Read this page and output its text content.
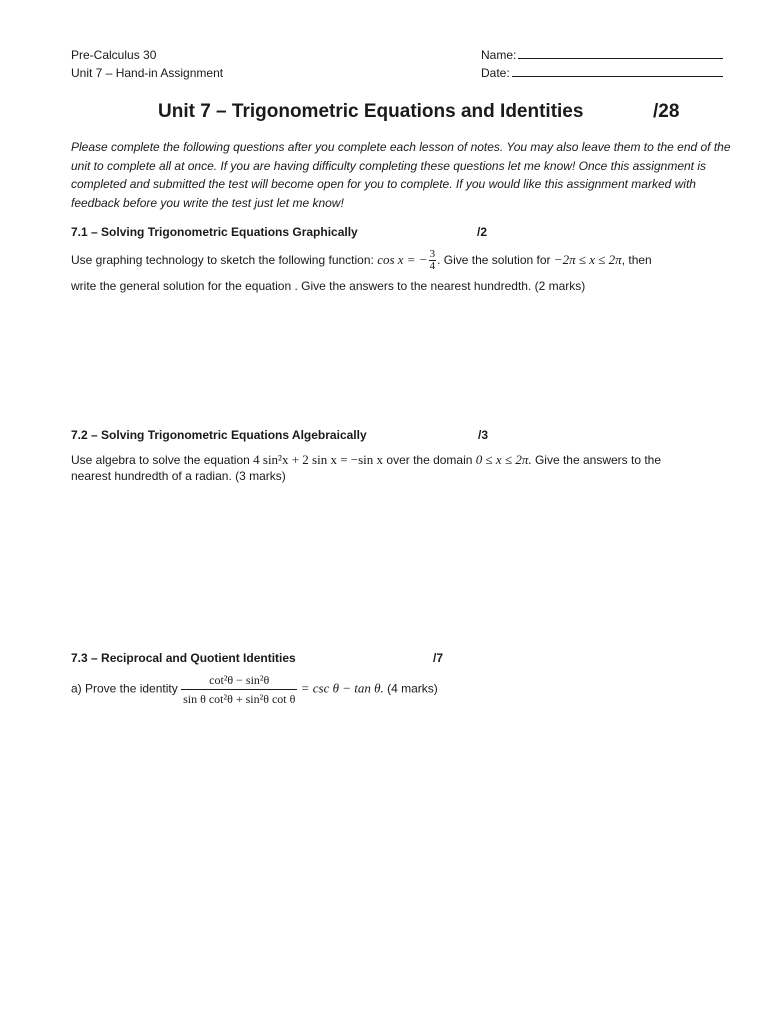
Pre-Calculus 30
Unit 7 – Hand-in Assignment
Name:
Date:
Unit 7 – Trigonometric Equations and Identities	/28
Please complete the following questions after you complete each lesson of notes. You may also leave them to the end of the unit to complete all at once. If you are having difficulty completing these questions let me know! Once this assignment is completed and submitted the test will become open for you to complete. If you would like this assignment marked with feedback before you write the test just let me know!
7.1 – Solving Trigonometric Equations Graphically	/2
Use graphing technology to sketch the following function: cos x = − $\frac{3}{4}$ . Give the solution for −2π ≤ x ≤ 2π, then
write the general solution for the equation . Give the answers to the nearest hundredth. (2 marks)
7.2 – Solving Trigonometric Equations Algebraically	/3
Use algebra to solve the equation 4 sin²x + 2 sin x = −sin x over the domain 0 ≤ x ≤ 2π. Give the answers to the
nearest hundredth of a radian. (3 marks)
7.3 – Reciprocal and Quotient Identities	/7
a) Prove the identity $\frac{\text{cot²θ − sin²θ}}{\text{sin θ cot²θ + sin²θ cot θ}} = \csc \theta - \tan \theta$. (4 marks)
